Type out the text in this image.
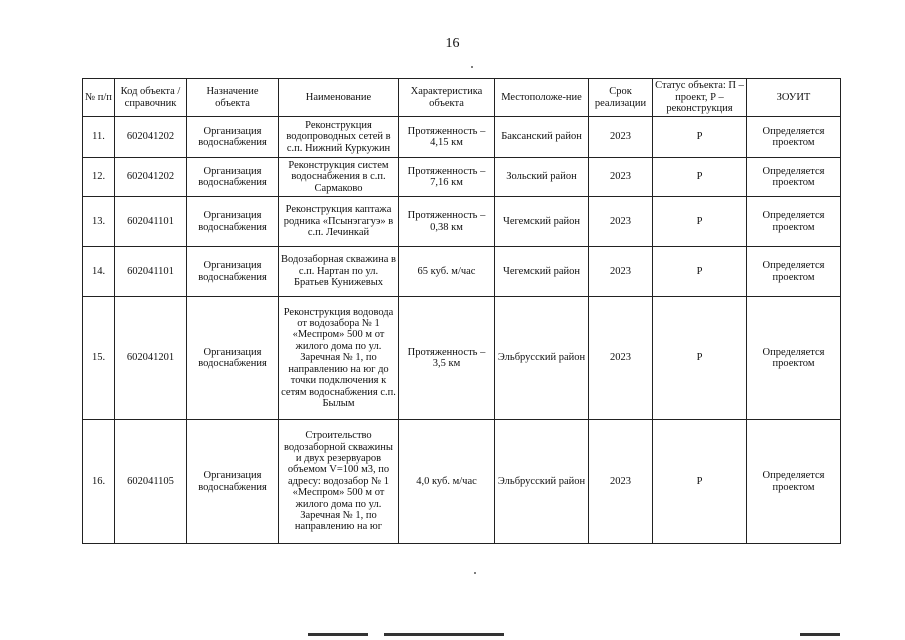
16
№ п/п	Код объекта / справочник	Назначение объекта	Наименование	Характеристика объекта	Местоположе-ние	Срок реализации	Статус объекта: П – проект, Р – реконструкция	ЗОУИТ
11.	602041202	Организация водоснабжения	Реконструкция водопроводных сетей в с.п. Нижний Куркужин	Протяженность – 4,15 км	Баксанский район	2023	Р	Определяется проектом
12.	602041202	Организация водоснабжения	Реконструкция систем водоснабжения в с.п. Сармаково	Протяженность – 7,16 км	Зольский район	2023	Р	Определяется проектом
13.	602041101	Организация водоснабжения	Реконструкция каптажа родника «Псынэгагуэ» в с.п. Лечинкай	Протяженность – 0,38 км	Чегемский район	2023	Р	Определяется проектом
14.	602041101	Организация водоснабжения	Водозаборная скважина в с.п. Нартан по ул. Братьев Кунижевых	65 куб. м/час	Чегемский район	2023	Р	Определяется проектом
15.	602041201	Организация водоснабжения	Реконструкция водовода от водозабора № 1 «Меспром» 500 м от жилого дома по ул. Заречная № 1, по направлению на юг до точки подключения к сетям водоснабжения с.п. Былым	Протяженность – 3,5 км	Эльбрусский район	2023	Р	Определяется проектом
16.	602041105	Организация водоснабжения	Строительство водозаборной скважины и двух резервуаров объемом V=100 м3, по адресу: водозабор № 1 «Меспром» 500 м от жилого дома по ул. Заречная № 1, по направлению на юг	4,0 куб. м/час	Эльбрусский район	2023	Р	Определяется проектом
